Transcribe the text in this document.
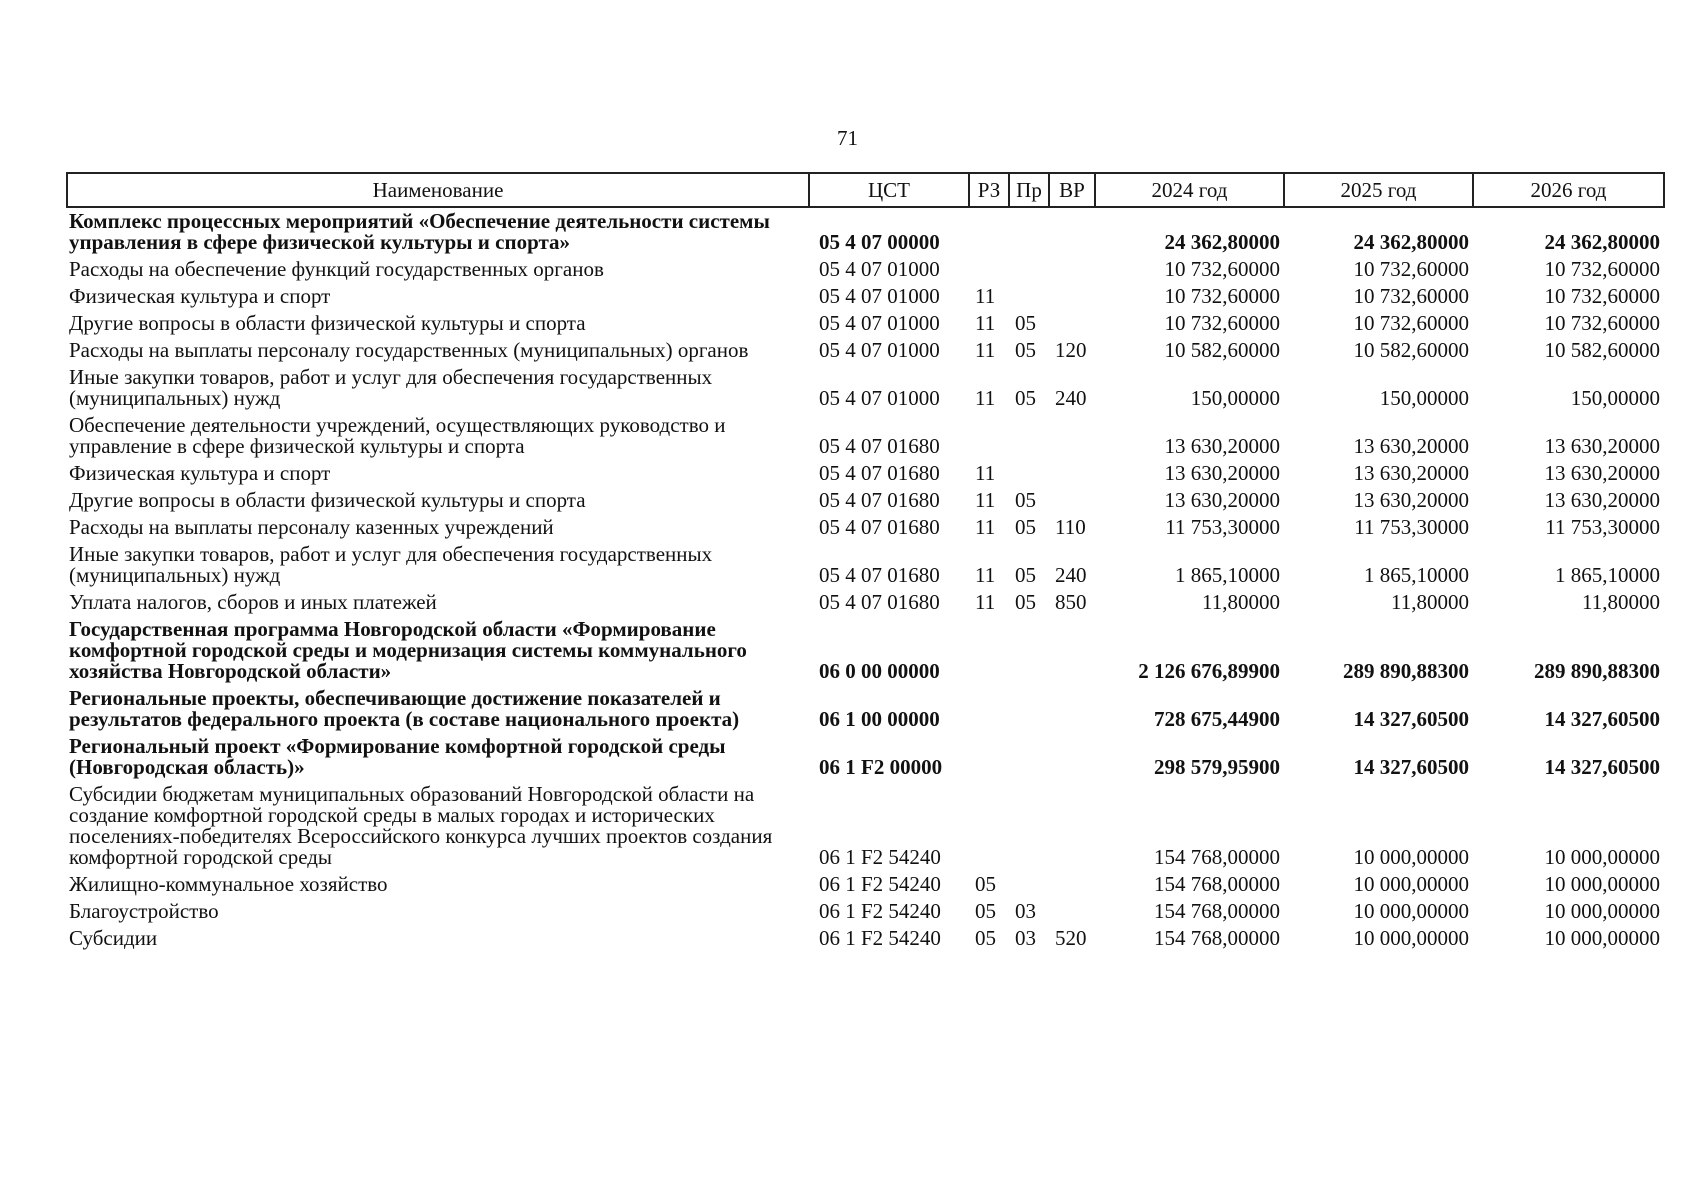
71
Наименование	ЦСТ	РЗ	Пр	ВР	2024 год	2025 год	2026 год
Комплекс процессных мероприятий «Обеспечение деятельности системы управления в сфере физической культуры и спорта»	05 4 07 00000				24 362,80000	24 362,80000	24 362,80000
Расходы на обеспечение функций государственных органов	05 4 07 01000				10 732,60000	10 732,60000	10 732,60000
Физическая культура и спорт	05 4 07 01000	11			10 732,60000	10 732,60000	10 732,60000
Другие вопросы в области физической культуры и спорта	05 4 07 01000	11	05		10 732,60000	10 732,60000	10 732,60000
Расходы на выплаты персоналу государственных (муниципальных) органов	05 4 07 01000	11	05	120	10 582,60000	10 582,60000	10 582,60000
Иные закупки товаров, работ и услуг для обеспечения государственных (муниципальных) нужд	05 4 07 01000	11	05	240	150,00000	150,00000	150,00000
Обеспечение деятельности учреждений, осуществляющих руководство и управление в сфере физической культуры и спорта	05 4 07 01680				13 630,20000	13 630,20000	13 630,20000
Физическая культура и спорт	05 4 07 01680	11			13 630,20000	13 630,20000	13 630,20000
Другие вопросы в области физической культуры и спорта	05 4 07 01680	11	05		13 630,20000	13 630,20000	13 630,20000
Расходы на выплаты персоналу казенных учреждений	05 4 07 01680	11	05	110	11 753,30000	11 753,30000	11 753,30000
Иные закупки товаров, работ и услуг для обеспечения государственных (муниципальных) нужд	05 4 07 01680	11	05	240	1 865,10000	1 865,10000	1 865,10000
Уплата налогов, сборов и иных платежей	05 4 07 01680	11	05	850	11,80000	11,80000	11,80000
Государственная программа Новгородской области «Формирование комфортной городской среды и модернизация системы коммунального хозяйства Новгородской области»	06 0 00 00000				2 126 676,89900	289 890,88300	289 890,88300
Региональные проекты, обеспечивающие достижение показателей и результатов федерального проекта (в составе национального проекта)	06 1 00 00000				728 675,44900	14 327,60500	14 327,60500
Региональный проект «Формирование комфортной городской среды (Новгородская область)»	06 1 F2 00000				298 579,95900	14 327,60500	14 327,60500
Субсидии бюджетам муниципальных образований Новгородской области на создание комфортной городской среды в малых городах и исторических поселениях-победителях Всероссийского конкурса лучших проектов создания комфортной городской среды	06 1 F2 54240				154 768,00000	10 000,00000	10 000,00000
Жилищно-коммунальное хозяйство	06 1 F2 54240	05			154 768,00000	10 000,00000	10 000,00000
Благоустройство	06 1 F2 54240	05	03		154 768,00000	10 000,00000	10 000,00000
Субсидии	06 1 F2 54240	05	03	520	154 768,00000	10 000,00000	10 000,00000
